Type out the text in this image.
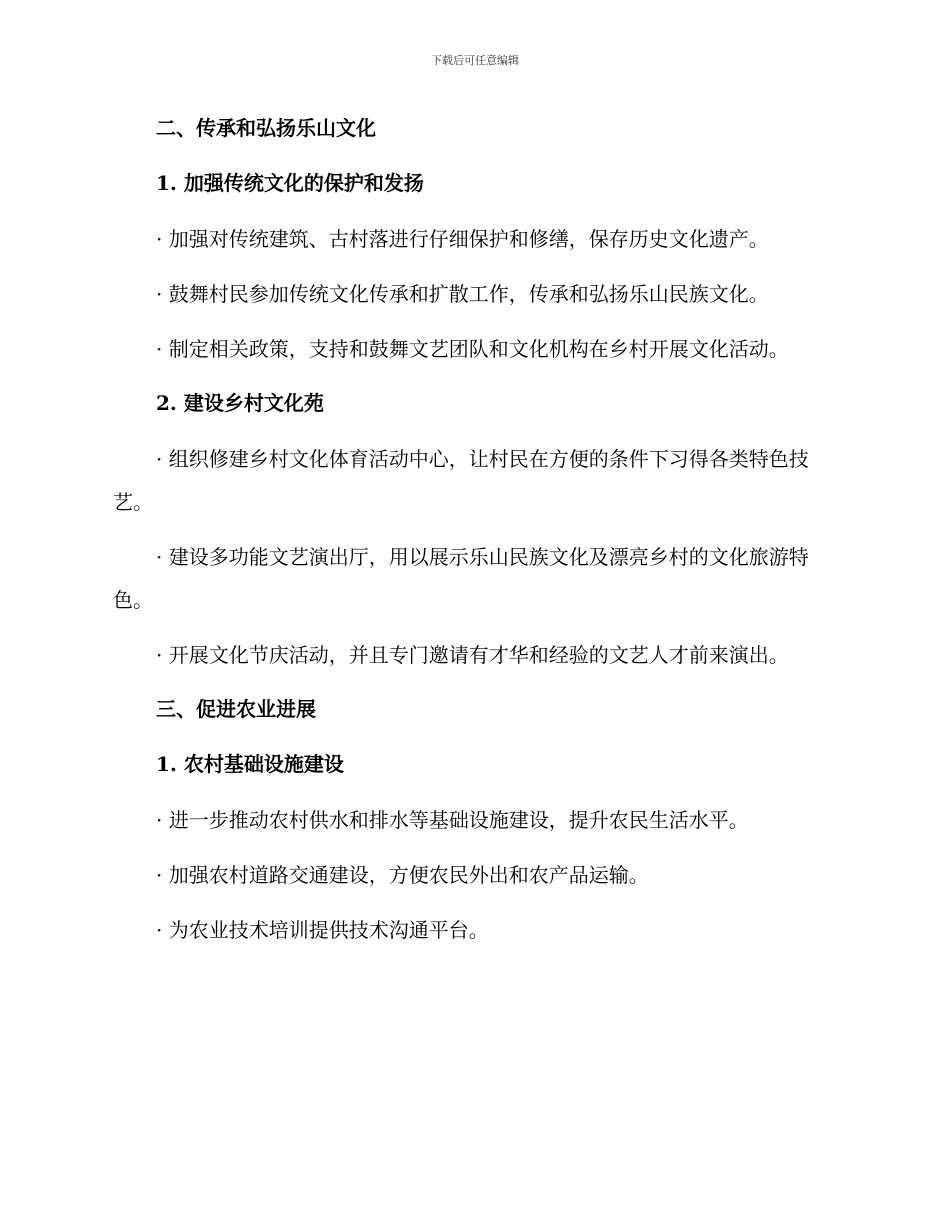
下载后可任意编辑
二、传承和弘扬乐山文化
1. 加强传统文化的保护和发扬

· 加强对传统建筑、古村落进行仔细保护和修缮，保存历史文化遗产。

· 鼓舞村民参加传统文化传承和扩散工作，传承和弘扬乐山民族文化。

· 制定相关政策，支持和鼓舞文艺团队和文化机构在乡村开展文化活动。

2. 建设乡村文化苑

· 组织修建乡村文化体育活动中心，让村民在方便的条件下习得各类特色技艺。

· 建设多功能文艺演出厅，用以展示乐山民族文化及漂亮乡村的文化旅游特色。

· 开展文化节庆活动，并且专门邀请有才华和经验的文艺人才前来演出。

三、促进农业进展
1. 农村基础设施建设

· 进一步推动农村供水和排水等基础设施建设，提升农民生活水平。

· 加强农村道路交通建设，方便农民外出和农产品运输。

· 为农业技术培训提供技术沟通平台。
